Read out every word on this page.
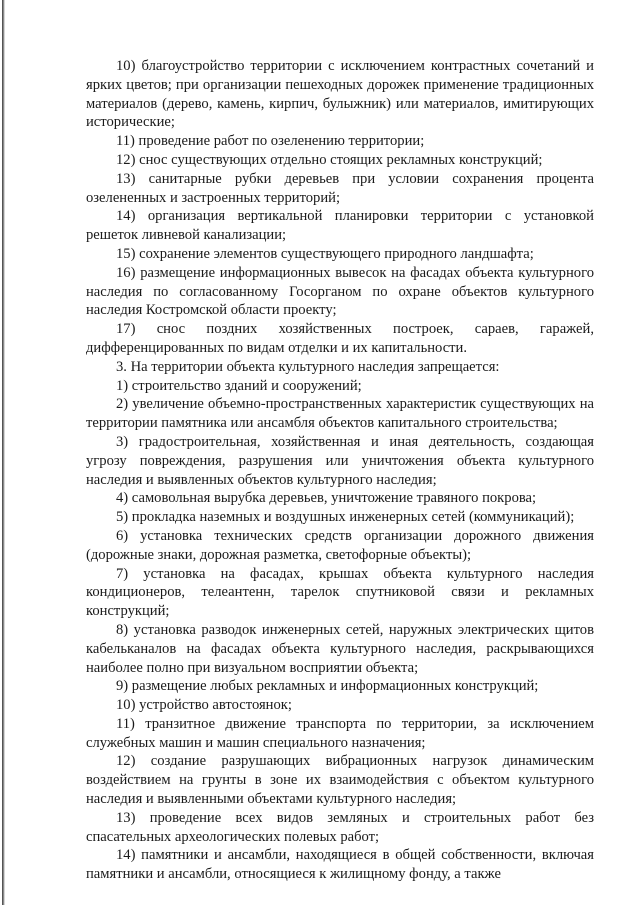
10) благоустройство территории с исключением контрастных сочетаний и ярких цветов; при организации пешеходных дорожек применение традиционных материалов (дерево, камень, кирпич, булыжник) или материалов, имитирующих исторические;

11) проведение работ по озеленению территории;

12) снос существующих отдельно стоящих рекламных конструкций;

13) санитарные рубки деревьев при условии сохранения процента озелененных и застроенных территорий;

14) организация вертикальной планировки территории с установкой решеток ливневой канализации;

15) сохранение элементов существующего природного ландшафта;

16) размещение информационных вывесок на фасадах объекта культурного наследия по согласованному Госорганом по охране объектов культурного наследия Костромской области проекту;

17) снос поздних хозяйственных построек, сараев, гаражей, дифференцированных по видам отделки и их капитальности.

3. На территории объекта культурного наследия запрещается:

1) строительство зданий и сооружений;

2) увеличение объемно-пространственных характеристик существующих на территории памятника или ансамбля объектов капитального строительства;

3) градостроительная, хозяйственная и иная деятельность, создающая угрозу повреждения, разрушения или уничтожения объекта культурного наследия и выявленных объектов культурного наследия;

4) самовольная вырубка деревьев, уничтожение травяного покрова;

5) прокладка наземных и воздушных инженерных сетей (коммуникаций);

6) установка технических средств организации дорожного движения (дорожные знаки, дорожная разметка, светофорные объекты);

7) установка на фасадах, крышах объекта культурного наследия кондиционеров, телеантенн, тарелок спутниковой связи и рекламных конструкций;

8) установка разводок инженерных сетей, наружных электрических щитов кабельканалов на фасадах объекта культурного наследия, раскрывающихся наиболее полно при визуальном восприятии объекта;

9) размещение любых рекламных и информационных конструкций;

10) устройство автостоянок;

11) транзитное движение транспорта по территории, за исключением служебных машин и машин специального назначения;

12) создание разрушающих вибрационных нагрузок динамическим воздействием на грунты в зоне их взаимодействия с объектом культурного наследия и выявленными объектами культурного наследия;

13) проведение всех видов земляных и строительных работ без спасательных археологических полевых работ;

14) памятники и ансамбли, находящиеся в общей собственности, включая памятники и ансамбли, относящиеся к жилищному фонду, а также
